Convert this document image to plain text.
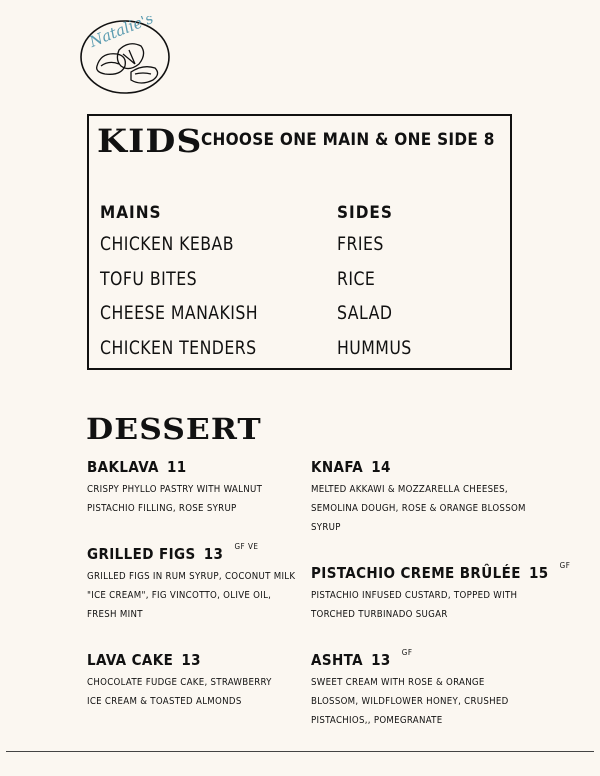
Natalie's
KIDS
CHOOSE ONE MAIN & ONE SIDE 8
MAINS
CHICKEN KEBAB
TOFU BITES
CHEESE MANAKISH
CHICKEN TENDERS
SIDES
FRIES
RICE
SALAD
HUMMUS
DESSERT
BAKLAVA 11
CRISPY PHYLLO PASTRY WITH WALNUT
PISTACHIO FILLING, ROSE SYRUP
GRILLED FIGS 13 $^{GF VE}$
GRILLED FIGS IN RUM SYRUP, COCONUT MILK
"ICE CREAM", FIG VINCOTTO, OLIVE OIL,
FRESH MINT
LAVA CAKE 13
CHOCOLATE FUDGE CAKE, STRAWBERRY
ICE CREAM & TOASTED ALMONDS
KNAFA 14
MELTED AKKAWI & MOZZARELLA CHEESES,
SEMOLINA DOUGH, ROSE & ORANGE BLOSSOM
SYRUP
PISTACHIO CREME BRÛLÉE 15 $^{GF}$
PISTACHIO INFUSED CUSTARD, TOPPED WITH
TORCHED TURBINADO SUGAR
ASHTA 13 $^{GF}$
SWEET CREAM WITH ROSE & ORANGE
BLOSSOM, WILDFLOWER HONEY, CRUSHED
PISTACHIOS,, POMEGRANATE
